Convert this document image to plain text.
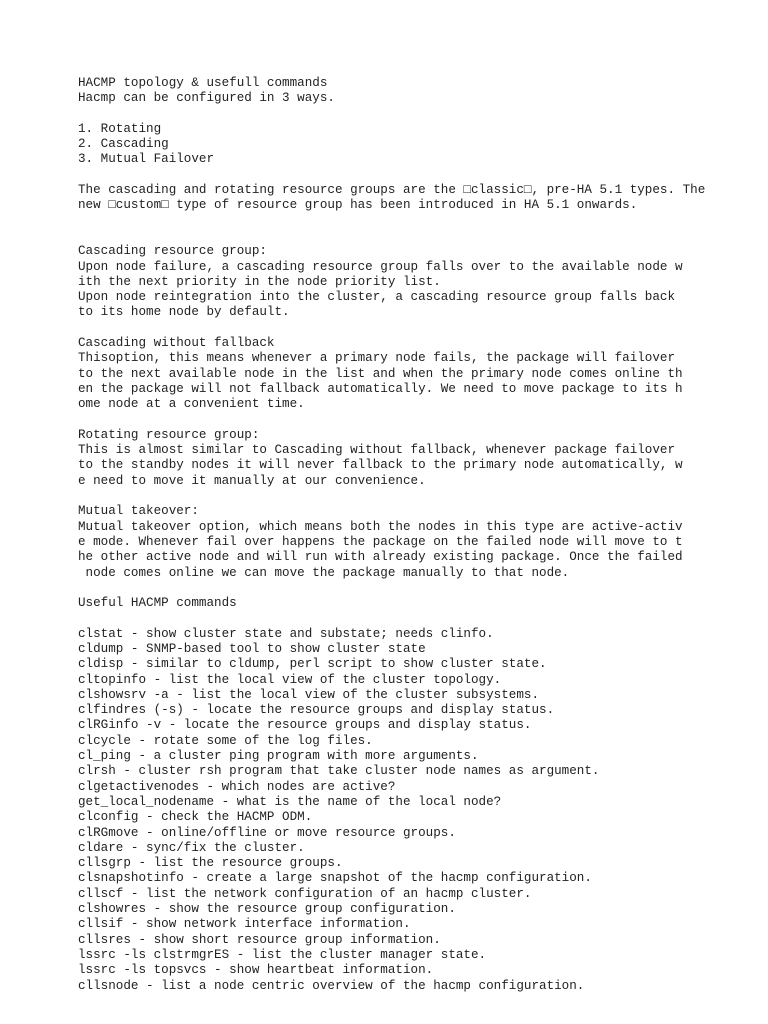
HACMP topology & usefull commands
Hacmp can be configured in 3 ways.
1. Rotating
2. Cascading
3. Mutual Failover
The cascading and rotating resource groups are the □classic□, pre-HA 5.1 types. The
new □custom□ type of resource group has been introduced in HA 5.1 onwards.
Cascading resource group:
Upon node failure, a cascading resource group falls over to the available node w
ith the next priority in the node priority list.
Upon node reintegration into the cluster, a cascading resource group falls back
to its home node by default.
Cascading without fallback
Thisoption, this means whenever a primary node fails, the package will failover
to the next available node in the list and when the primary node comes online th
en the package will not fallback automatically. We need to move package to its h
ome node at a convenient time.
Rotating resource group:
This is almost similar to Cascading without fallback, whenever package failover
to the standby nodes it will never fallback to the primary node automatically, w
e need to move it manually at our convenience.
Mutual takeover:
Mutual takeover option, which means both the nodes in this type are active-activ
e mode. Whenever fail over happens the package on the failed node will move to t
he other active node and will run with already existing package. Once the failed
node comes online we can move the package manually to that node.
Useful HACMP commands
clstat - show cluster state and substate; needs clinfo.
cldump - SNMP-based tool to show cluster state
cldisp - similar to cldump, perl script to show cluster state.
cltopinfo - list the local view of the cluster topology.
clshowsrv -a - list the local view of the cluster subsystems.
clfindres (-s) - locate the resource groups and display status.
clRGinfo -v - locate the resource groups and display status.
clcycle - rotate some of the log files.
cl_ping - a cluster ping program with more arguments.
clrsh - cluster rsh program that take cluster node names as argument.
clgetactivenodes - which nodes are active?
get_local_nodename - what is the name of the local node?
clconfig - check the HACMP ODM.
clRGmove - online/offline or move resource groups.
cldare - sync/fix the cluster.
cllsgrp - list the resource groups.
clsnapshotinfo - create a large snapshot of the hacmp configuration.
cllscf - list the network configuration of an hacmp cluster.
clshowres - show the resource group configuration.
cllsif - show network interface information.
cllsres - show short resource group information.
lssrc -ls clstrmgrES - list the cluster manager state.
lssrc -ls topsvcs - show heartbeat information.
cllsnode - list a node centric overview of the hacmp configuration.
